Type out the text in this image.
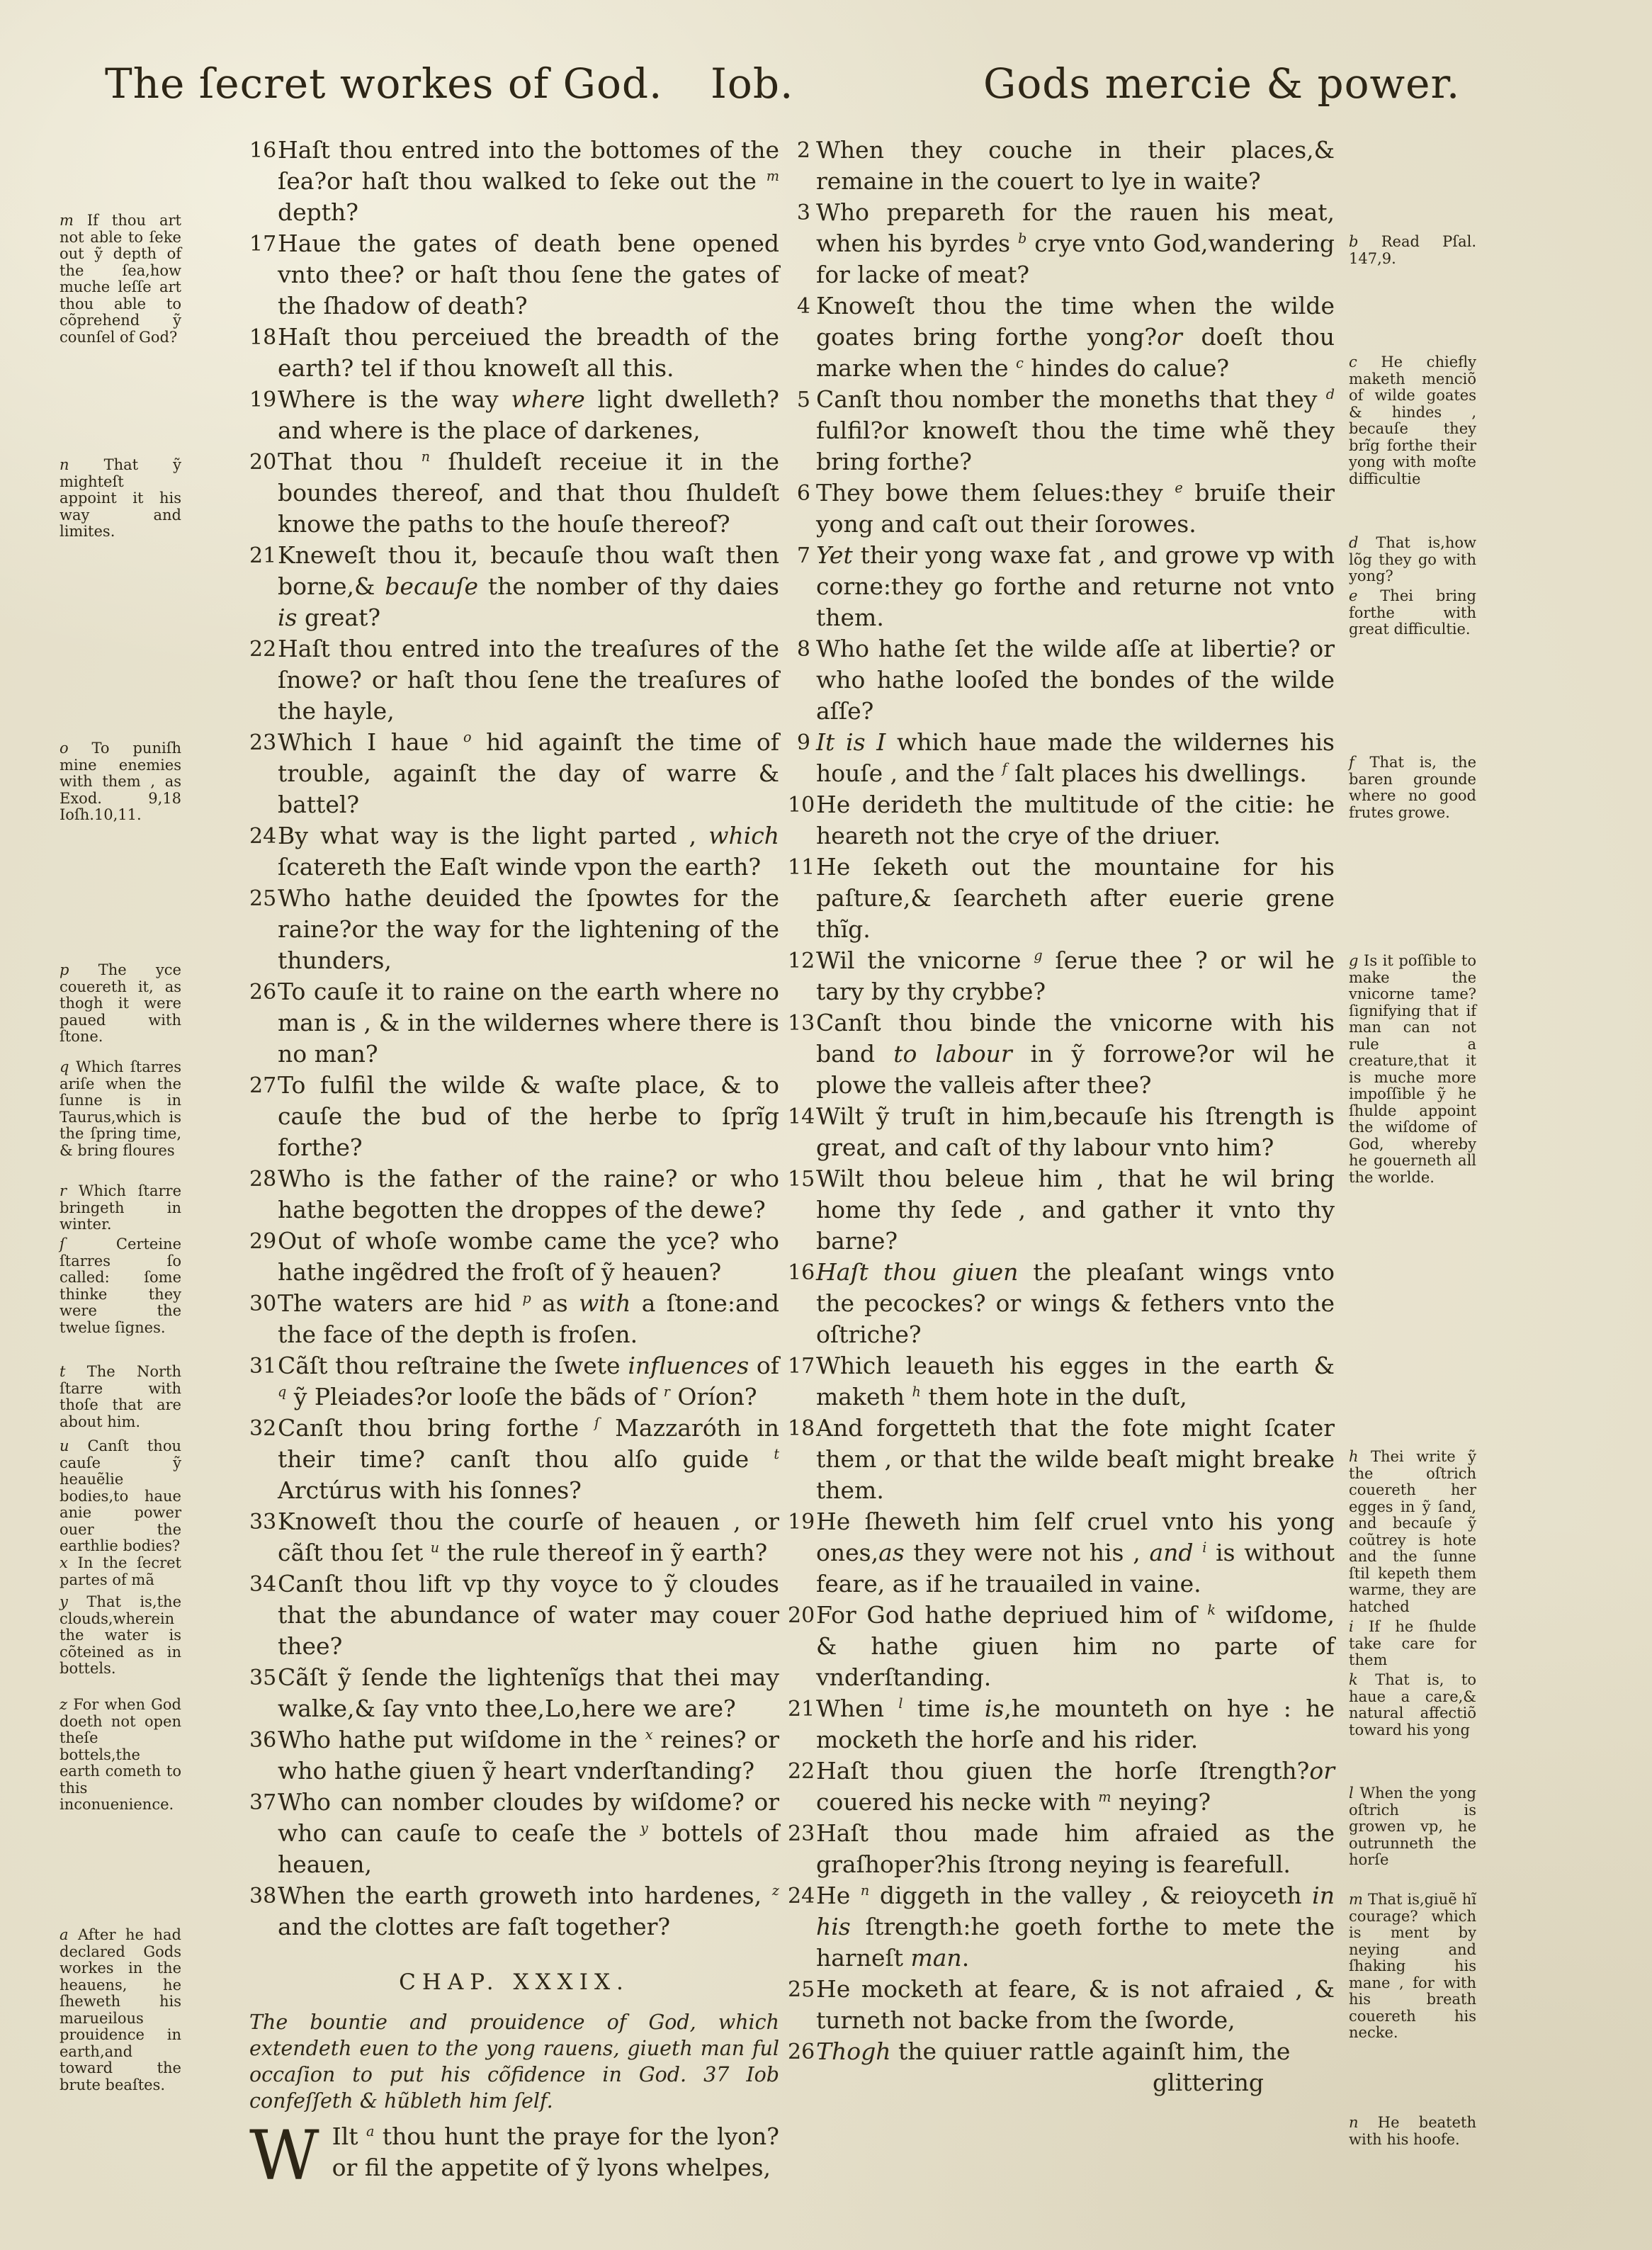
The ſecret workes of God. Iob.	Gods mercie & power.

m If thou art not able to ſeke out ỹ depth of the ſea,how muche leſſe art thou able to cõprehend ỹ counſel of God?

n That ỹ mighteſt appoint it his way and limites.

o To puniſh mine enemies with them , as Exod. 9,18 Ioſh.10,11.

p The yce couereth it, as thogh it were paued with ſtone.

q Which ſtarres ariſe when the ſunne is in Taurus,which is the ſpring time, & bring floures

r Which ſtarre bringeth in winter.

ſ Certeine ſtarres ſo called: ſome thinke they were the twelue ſignes.

t The North ſtarre with thoſe that are about him.

u Canſt thou cauſe ỹ heauẽlie bodies,to haue anie power ouer the earthlie bodies?

x In the ſecret partes of mã

y That is,the clouds,wherein the water is cõteined as in bottels.

z For when God doeth not open theſe bottels,the earth cometh to this inconuenience.

a After he had declared Gods workes in the heauens, he ſheweth his marueilous prouidence in earth,and toward the brute beaſtes.

16 Haſt thou entred into the bottomes of the ſea?or haſt thou walked to ſeke out the $^m$ depth?

17 Haue the gates of death bene opened vnto thee? or haſt thou ſene the gates of the ſhadow of death?

18 Haſt thou perceiued the breadth of the earth? tel if thou knoweſt all this.

19 Where is the way where light dwelleth? and where is the place of darkenes,

20 That thou $^n$ ſhuldeſt receiue it in the boundes thereof, and that thou ſhuldeſt knowe the paths to the houſe thereof?

21 Kneweſt thou it, becauſe thou waſt then borne,& becauſe the nomber of thy daies is great?

22 Haſt thou entred into the treaſures of the ſnowe? or haſt thou ſene the treaſures of the hayle,

23 Which I haue $^o$ hid againſt the time of trouble, againſt the day of warre & battel?

24 By what way is the light parted , which ſcatereth the Eaſt winde vpon the earth?

25 Who hathe deuided the ſpowtes for the raine?or the way for the lightening of the thunders,

26 To cauſe it to raine on the earth where no man is , & in the wildernes where there is no man?

27 To fulfil the wilde & waſte place, & to cauſe the bud of the herbe to ſprĩg forthe?

28 Who is the father of the raine? or who hathe begotten the droppes of the dewe?

29 Out of whoſe wombe came the yce? who hathe ingẽdred the froſt of ỹ heauen?

30 The waters are hid $^p$ as with a ſtone:and the face of the depth is froſen.

31 Cãſt thou reſtraine the ſwete influences of $^q$ ỹ Pleiades?or looſe the bãds of $^r$ Oríon?

32 Canſt thou bring forthe $^ſ$ Mazzaróth in their time? canſt thou alſo guide $^t$ Arctúrus with his ſonnes?

33 Knoweſt thou the courſe of heauen , or cãſt thou ſet $^u$ the rule thereof in ỹ earth?

34 Canſt thou lift vp thy voyce to ỹ cloudes that the abundance of water may couer thee?

35 Cãſt ỹ ſende the lightenĩgs that thei may walke,& ſay vnto thee,Lo,here we are?

36 Who hathe put wiſdome in the $^x$ reines? or who hathe giuen ỹ heart vnderſtanding?

37 Who can nomber cloudes by wiſdome? or who can cauſe to ceaſe the $^y$ bottels of heauen,

38 When the earth groweth into hardenes, $^z$ and the clottes are faſt together?

CHAP. XXXIX.

The bountie and prouidence of God, which extendeth euen to the yong rauens, giueth man ful occaſion to put his cõfidence in God. 37 Iob confeſſeth & hũbleth him ſelf.

W Ilt $^a$ thou hunt the praye for the lyon?or fil the appetite of ỹ lyons whelpes,

2 When they couche in their places,& remaine in the couert to lye in waite?

3 Who prepareth for the rauen his meat, when his byrdes $^b$ crye vnto God,wandering for lacke of meat?

4 Knoweſt thou the time when the wilde goates bring forthe yong?or doeſt thou marke when the $^c$ hindes do calue?

5 Canſt thou nomber the moneths that they $^d$ fulfil?or knoweſt thou the time whẽ they bring forthe?

6 They bowe them ſelues:they $^e$ bruiſe their yong and caſt out their ſorowes.

7 Yet their yong waxe fat , and growe vp with corne:they go forthe and returne not vnto them.

8 Who hathe ſet the wilde aſſe at libertie? or who hathe looſed the bondes of the wilde aſſe?

9 It is I which haue made the wildernes his houſe , and the $^f$ ſalt places his dwellings.

10 He derideth the multitude of the citie: he heareth not the crye of the driuer.

11 He ſeketh out the mountaine for his paſture,& ſearcheth after euerie grene thĩg.

12 Wil the vnicorne $^g$ ſerue thee ? or wil he tary by thy crybbe?

13 Canſt thou binde the vnicorne with his band to labour in ỹ forrowe?or wil he plowe the valleis after thee?

14 Wilt ỹ truſt in him,becauſe his ſtrength is great, and caſt of thy labour vnto him?

15 Wilt thou beleue him , that he wil bring home thy ſede , and gather it vnto thy barne?

16 Haſt thou giuen the pleaſant wings vnto the pecockes? or wings & fethers vnto the oſtriche?

17 Which leaueth his egges in the earth & maketh $^h$ them hote in the duſt,

18 And forgetteth that the fote might ſcater them , or that the wilde beaſt might breake them.

19 He ſheweth him ſelf cruel vnto his yong ones,as they were not his , and $^i$ is without feare, as if he trauailed in vaine.

20 For God hathe depriued him of $^k$ wiſdome, & hathe giuen him no parte of vnderſtanding.

21 When $^l$ time is,he mounteth on hye : he mocketh the horſe and his rider.

22 Haſt thou giuen the horſe ſtrength?or couered his necke with $^m$ neying?

23 Haſt thou made him afraied as the graſhoper?his ſtrong neying is fearefull.

24 He $^n$ diggeth in the valley , & reioyceth in his ſtrength:he goeth forthe to mete the harneſt man.

25 He mocketh at feare, & is not afraied , & turneth not backe from the ſworde,

26 Thogh the quiuer rattle againſt him, the

glittering

b Read Pſal. 147,9.

c He chiefly maketh menciõ of wilde goates & hindes , becauſe they brĩg forthe their yong with moſte difficultie

d That is,how lõg they go with yong?

e Thei bring forthe with great difficultie.

f That is, the baren grounde where no good frutes growe.

g Is it poſſible to make the vnicorne tame? ſignifying that if man can not rule a creature,that it is muche more impoſſible ỹ he ſhulde appoint the wiſdome of God, whereby he gouerneth all the worlde.

h Thei write ỹ the oſtrich couereth her egges in ỹ ſand, and becauſe ỹ coũtrey is hote and the ſunne ſtil kepeth them warme, they are hatched

i If he ſhulde take care for them

k That is, to haue a care,& natural affectiõ toward his yong

l When the yong oſtrich is growen vp, he outrunneth the horſe

m That is,giuẽ hĩ courage? which is ment by neying and ſhaking his mane , for with his breath couereth his necke.

n He beateth with his hoofe.
